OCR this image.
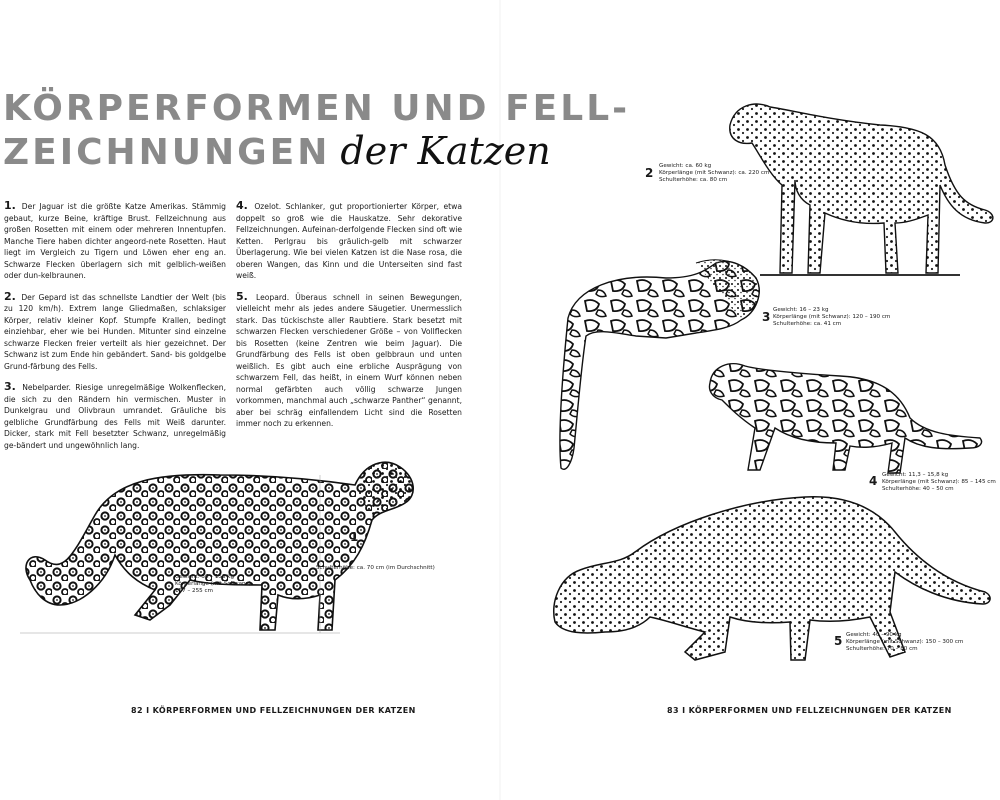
KÖRPERFORMEN UND FELL-
ZEICHNUNGEN der Katzen

1. Der Jaguar ist die größte Katze Amerikas. Stämmig gebaut, kurze Beine, kräftige Brust. Fellzeichnung aus großen Rosetten mit einem oder mehreren Innentupfen. Manche Tiere haben dichter angeord-nete Rosetten. Haut liegt im Vergleich zu Tigern und Löwen eher eng an. Schwarze Flecken überlagern sich mit gelblich-weißen oder dun-kelbraunen.

2. Der Gepard ist das schnellste Landtier der Welt (bis zu 120 km/h). Extrem lange Gliedmaßen, schlaksiger Körper, relativ kleiner Kopf. Stumpfe Krallen, bedingt einziehbar, eher wie bei Hunden. Mitunter sind einzelne schwarze Flecken freier verteilt als hier gezeichnet. Der Schwanz ist zum Ende hin gebändert. Sand- bis goldgelbe Grund-färbung des Fells.

3. Nebelparder. Riesige unregelmäßige Wolkenflecken, die sich zu den Rändern hin vermischen. Muster in Dunkelgrau und Olivbraun umrandet. Gräuliche bis gelbliche Grundfärbung des Fells mit Weiß darunter. Dicker, stark mit Fell besetzter Schwanz, unregelmäßig ge-bändert und ungewöhnlich lang.

4. Ozelot. Schlanker, gut proportionierter Körper, etwa doppelt so groß wie die Hauskatze. Sehr dekorative Fellzeichnungen. Aufeinan-derfolgende Flecken sind oft wie Ketten. Perlgrau bis gräulich-gelb mit schwarzer Überlagerung. Wie bei vielen Katzen ist die Nase rosa, die oberen Wangen, das Kinn und die Unterseiten sind fast weiß.

5. Leopard. Überaus schnell in seinen Bewegungen, vielleicht mehr als jedes andere Säugetier. Unermesslich stark. Das tückischste aller Raubtiere. Stark besetzt mit schwarzen Flecken verschiedener Größe – von Vollflecken bis Rosetten (keine Zentren wie beim Jaguar). Die Grundfärbung des Fells ist oben gelbbraun und unten weißlich. Es gibt auch eine erbliche Ausprägung von schwarzem Fell, das heißt, in einem Wurf können neben normal gefärbten auch völlig schwarze Jungen vorkommen, manchmal auch „schwarze Panther“ genannt, aber bei schräg einfallendem Licht sind die Rosetten immer noch zu erkennen.

1
Gewicht: 36 – 158 kg
Körperlänge (mit Schwanz):
157 – 255 cm
Schulterhöhe: ca. 70 cm (im Durchschnitt)
2 Gewicht: ca. 60 kg
Körperlänge (mit Schwanz): ca. 220 cm
Schulterhöhe: ca. 80 cm
3 Gewicht: 16 – 23 kg
Körperlänge (mit Schwanz): 120 – 190 cm
Schulterhöhe: ca. 41 cm
4 Gewicht: 11,3 – 15,8 kg
Körperlänge (mit Schwanz): 85 – 145 cm
Schulterhöhe: 40 – 50 cm
5 Gewicht: 40 – 90 kg
Körperlänge (mit Schwanz): 150 – 300 cm
Schulterhöhe: 70 – 80 cm
82 I KÖRPERFORMEN UND FELLZEICHNUNGEN DER KATZEN	83 I KÖRPERFORMEN UND FELLZEICHNUNGEN DER KATZEN
